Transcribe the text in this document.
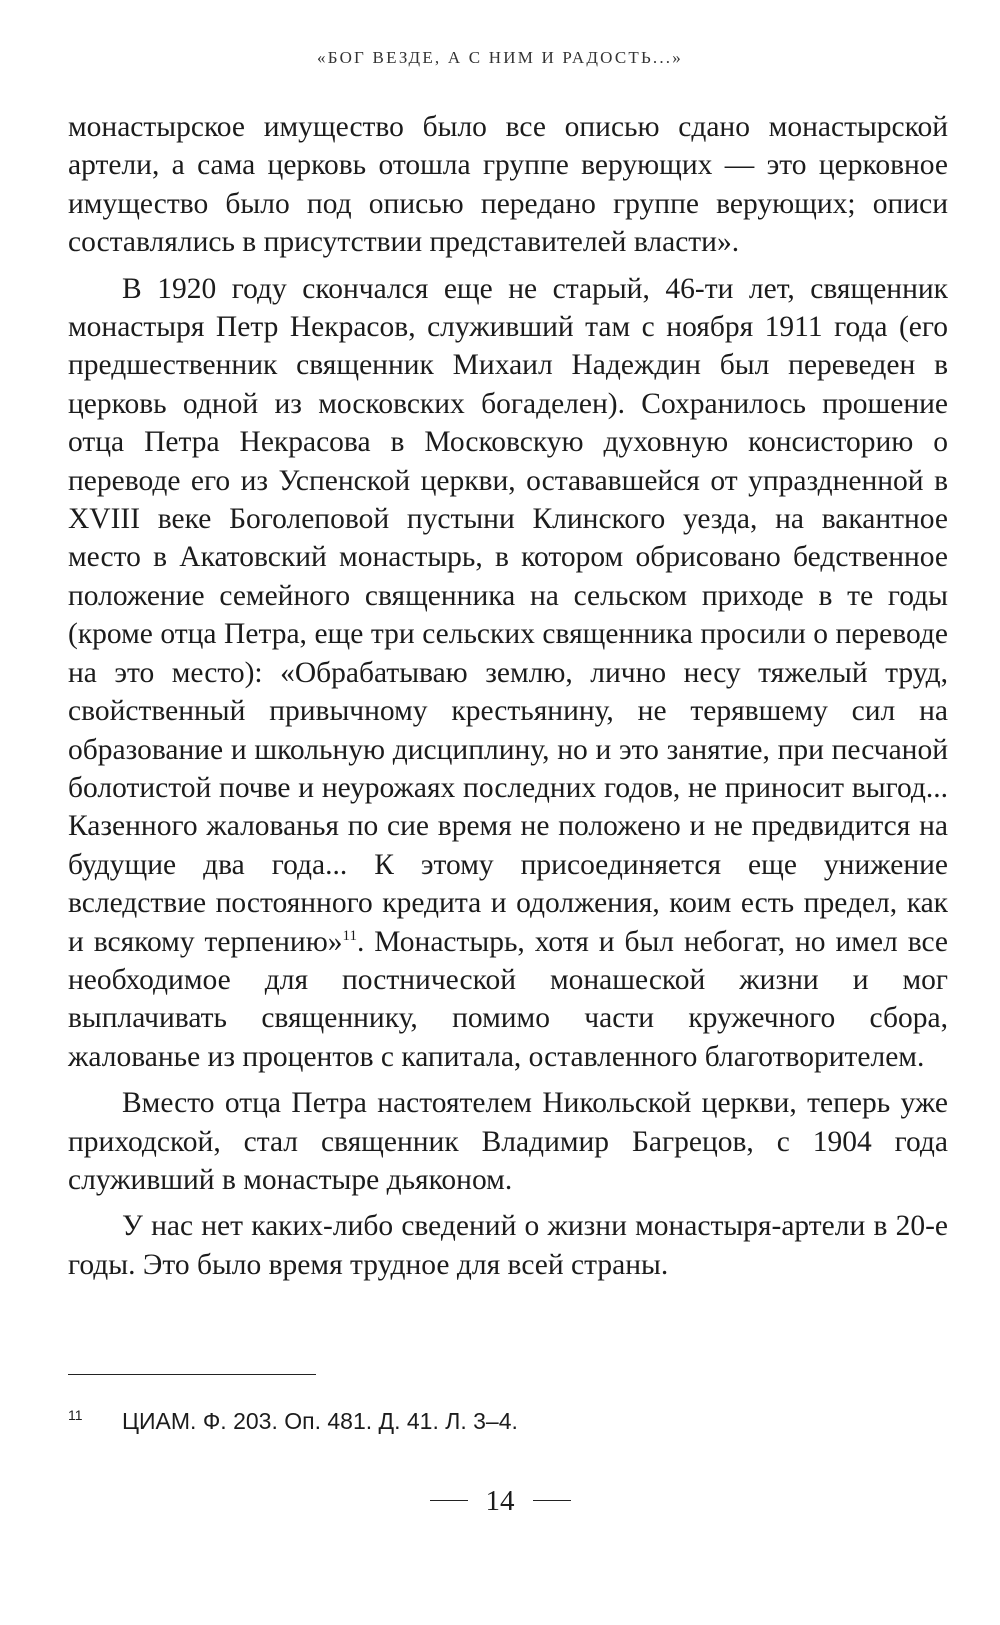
«БОГ ВЕЗДЕ, А С НИМ И РАДОСТЬ...»

монастырское имущество было все описью сдано монастырской артели, а сама церковь отошла группе верующих — это церковное имущество было под описью передано группе верующих; описи составлялись в присутствии представителей власти».

В 1920 году скончался еще не старый, 46-ти лет, священник монастыря Петр Некрасов, служивший там с ноября 1911 года (его предшественник священник Михаил Надеждин был переведен в церковь одной из московских богаделен). Сохранилось прошение отца Петра Некрасова в Московскую духовную консисторию о переводе его из Успенской церкви, остававшейся от упраздненной в XVIII веке Боголеповой пустыни Клинского уезда, на вакантное место в Акатовский монастырь, в котором обрисовано бедственное положение семейного священника на сельском приходе в те годы (кроме отца Петра, еще три сельских священника просили о переводе на это место): «Обрабатываю землю, лично несу тяжелый труд, свойственный привычному крестьянину, не терявшему сил на образование и школьную дисциплину, но и это занятие, при песчаной болотистой почве и неурожаях последних годов, не приносит выгод... Казенного жалованья по сие время не положено и не предвидится на будущие два года... К этому присоединяется еще унижение вследствие постоянного кредита и одолжения, коим есть предел, как и всякому терпению»$^{11}$. Монастырь, хотя и был небогат, но имел все необходимое для постнической монашеской жизни и мог выплачивать священнику, помимо части кружечного сбора, жалованье из процентов с капитала, оставленного благотворителем.

Вместо отца Петра настоятелем Никольской церкви, теперь уже приходской, стал священник Владимир Багрецов, с 1904 года служивший в монастыре дьяконом.

У нас нет каких-либо сведений о жизни монастыря-артели в 20-е годы. Это было время трудное для всей страны.

11 ЦИАМ. Ф. 203. Оп. 481. Д. 41. Л. 3–4.
14
